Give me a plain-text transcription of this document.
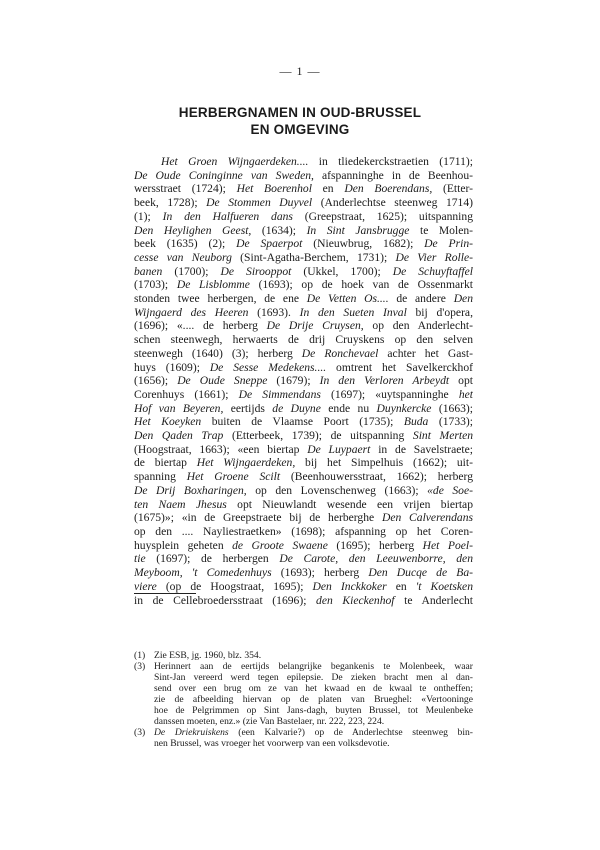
— 1 —
HERBERGNAMEN IN OUD-BRUSSEL
EN OMGEVING
Het Groen Wijngaerdeken.... in tliedekerckstraetien (1711);
De Oude Coninginne van Sweden, afspanninghe in de Beenhou-
wersstraet (1724); Het Boerenhol en Den Boerendans, (Etter-
beek, 1728); De Stommen Duyvel (Anderlechtse steenweg 1714)
(1); In den Halfueren dans (Greepstraat, 1625); uitspanning
Den Heylighen Geest, (1634); In Sint Jansbrugge te Molen-
beek (1635) (2); De Spaerpot (Nieuwbrug, 1682); De Prin-
cesse van Neuborg (Sint-Agatha-Berchem, 1731); De Vier Rolle-
banen (1700); De Sirooppot (Ukkel, 1700); De Schuyftaffel
(1703); De Lisblomme (1693); op de hoek van de Ossenmarkt
stonden twee herbergen, de ene De Vetten Os.... de andere Den
Wijngaerd des Heeren (1693). In den Sueten Inval bij d'opera,
(1696); «.... de herberg De Drije Cruysen, op den Anderlecht-
schen steenwegh, herwaerts de drij Cruyskens op den selven
steenwegh (1640) (3); herberg De Ronchevael achter het Gast-
huys (1609); De Sesse Medekens.... omtrent het Savelkerckhof
(1656); De Oude Sneppe (1679); In den Verloren Arbeydt opt
Corenhuys (1661); De Simmendans (1697); «uytspanninghe het
Hof van Beyeren, eertijds de Duyne ende nu Duynkercke (1663);
Het Koeyken buiten de Vlaamse Poort (1735); Buda (1733);
Den Qaden Trap (Etterbeek, 1739); de uitspanning Sint Merten
(Hoogstraat, 1663); «een biertap De Luypaert in de Savelstraete;
de biertap Het Wijngaerdeken, bij het Simpelhuis (1662); uit-
spanning Het Groene Scilt (Beenhouwersstraat, 1662); herberg
De Drij Boxharingen, op den Lovenschenweg (1663); «de Soe-
ten Naem Jhesus opt Nieuwlandt wesende een vrijen biertap
(1675)»; «in de Greepstraete bij de herberghe Den Calverendans
op den .... Nayliestraetken» (1698); afspanning op het Coren-
huysplein geheten de Groote Swaene (1695); herberg Het Poel-
tie (1697); de herbergen De Carote, den Leeuwenborre, den
Meyboom, 't Comedenhuys (1693); herberg Den Ducqe de Ba-
viere (op de Hoogstraat, 1695); Den Inckkoker en 't Koetsken
in de Cellebroedersstraat (1696); den Kieckenhof te Anderlecht
(1) Zie ESB, jg. 1960, blz. 354.
(3) Herinnert aan de eertijds belangrijke begankenis te Molenbeek, waar
Sint-Jan vereerd werd tegen epilepsie. De zieken bracht men al dan-
send over een brug om ze van het kwaad en de kwaal te ontheffen;
zie de afbeelding hiervan op de platen van Brueghel: «Vertooninge
hoe de Pelgrimmen op Sint Jans-dagh, buyten Brussel, tot Meulenbeke
danssen moeten, enz.» (zie Van Bastelaer, nr. 222, 223, 224.
(3) De Driekruiskens (een Kalvarie?) op de Anderlechtse steenweg bin-
nen Brussel, was vroeger het voorwerp van een volksdevotie.
